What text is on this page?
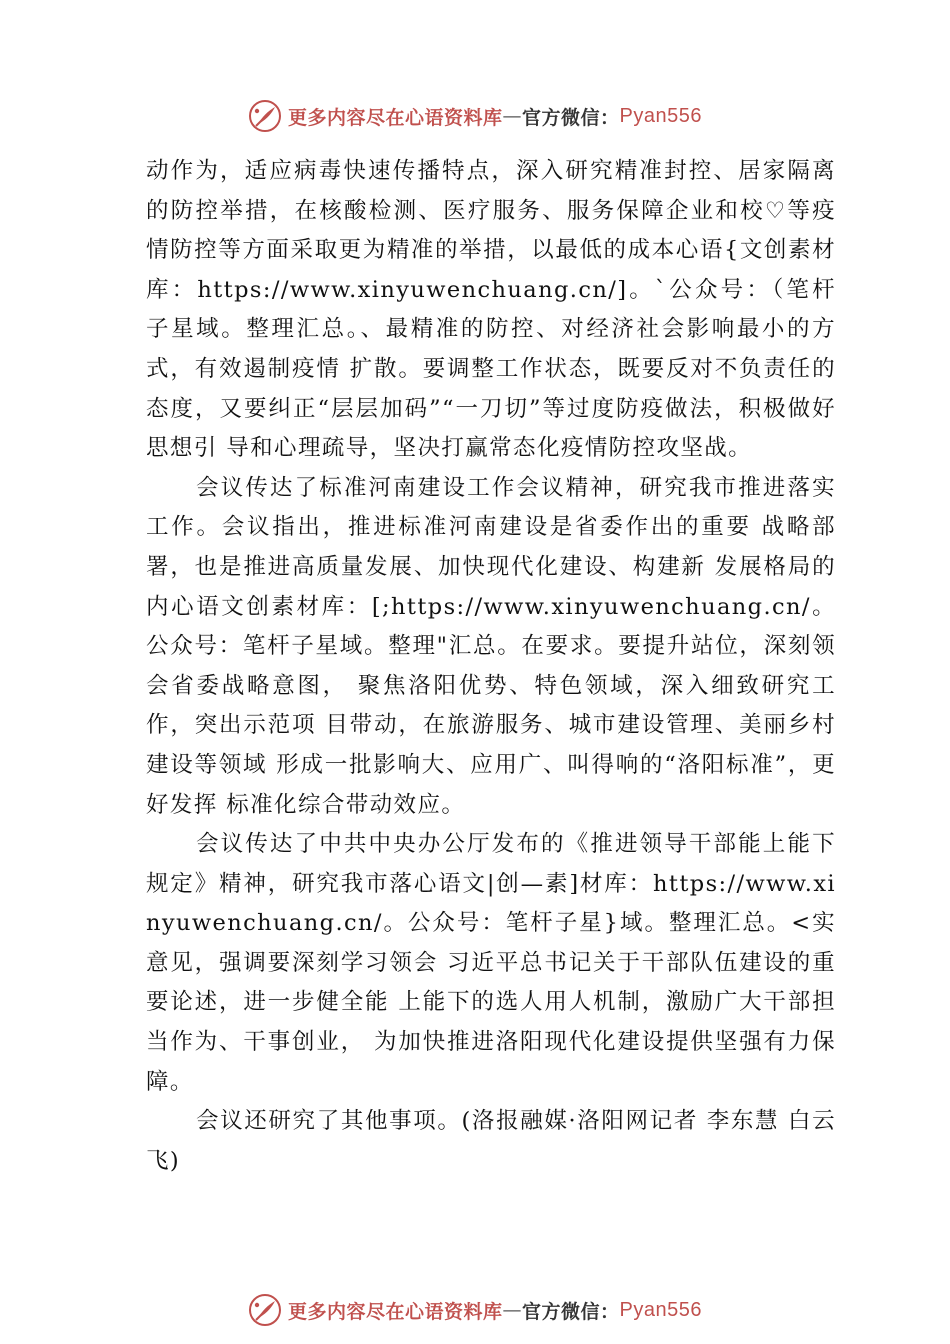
更多内容尽在心语资料库 — 官方微信： Pyan556

动作为，适应病毒快速传播特点，深入研究精准封控、居家隔离的防控举措，在核酸检测、医疗服务、服务保障企业和校♡等疫情防控等方面采取更为精准的举措，以最低的成本心语{文创素材库：https://www.xinyuwenchuang.cn/]。`公众号：（笔杆子星域。整理汇总。、最精准的防控、对经济社会影响最小的方式，有效遏制疫情 扩散。要调整工作状态，既要反对不负责任的态度，又要纠正“层层加码”“一刀切”等过度防疫做法，积极做好思想引 导和心理疏导，坚决打赢常态化疫情防控攻坚战。

会议传达了标准河南建设工作会议精神，研究我市推进落实工作。会议指出，推进标准河南建设是省委作出的重要 战略部署，也是推进高质量发展、加快现代化建设、构建新 发展格局的内心语文创素材库：[;https://www.xinyuwenchuang.cn/。公众号：笔杆子星域。整理"汇总。在要求。要提升站位，深刻领会省委战略意图， 聚焦洛阳优势、特色领域，深入细致研究工作，突出示范项 目带动，在旅游服务、城市建设管理、美丽乡村建设等领域 形成一批影响大、应用广、叫得响的“洛阳标准”，更好发挥 标准化综合带动效应。

会议传达了中共中央办公厅发布的《推进领导干部能上能下规定》精神，研究我市落心语文|创—素]材库：https://www.xinyuwenchuang.cn/。公众号：笔杆子星}域。整理汇总。<实意见，强调要深刻学习领会 习近平总书记关于干部队伍建设的重要论述，进一步健全能 上能下的选人用人机制，激励广大干部担当作为、干事创业， 为加快推进洛阳现代化建设提供坚强有力保障。

会议还研究了其他事项。(洛报融媒·洛阳网记者 李东慧 白云飞)

更多内容尽在心语资料库 — 官方微信： Pyan556
